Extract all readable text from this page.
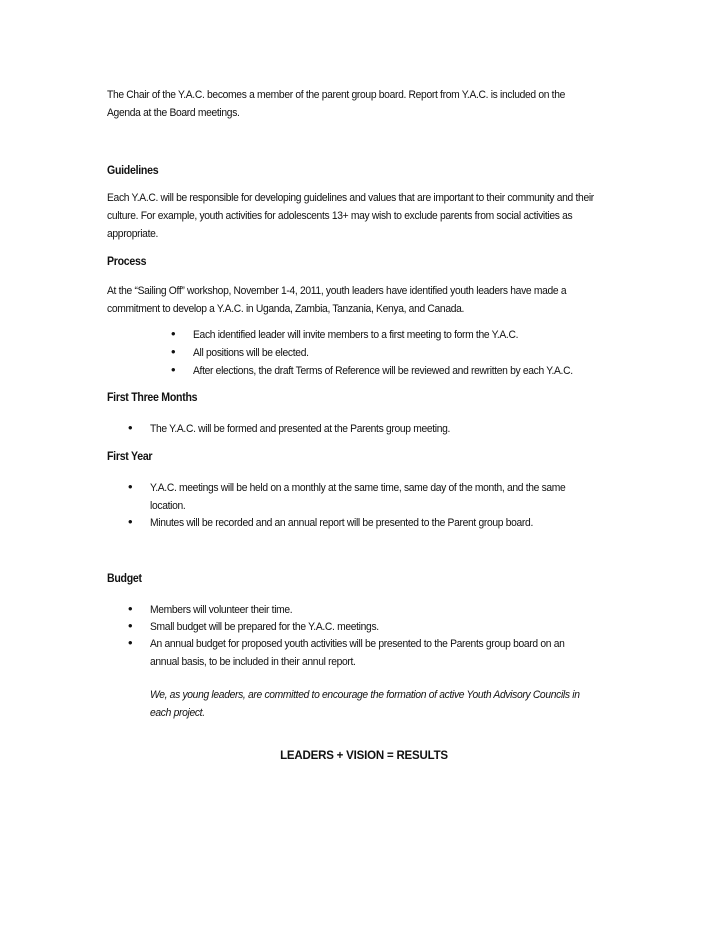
The Chair of the Y.A.C. becomes a member of the parent group board. Report from Y.A.C. is included on the Agenda at the Board meetings.
Guidelines
Each Y.A.C. will be responsible for developing guidelines and values that are important to their community and their culture. For example, youth activities for adolescents 13+ may wish to exclude parents from social activities as appropriate.
Process
At the “Sailing Off” workshop, November 1-4, 2011, youth leaders have identified youth leaders have made a commitment to develop a Y.A.C. in Uganda, Zambia, Tanzania, Kenya, and Canada.
• Each identified leader will invite members to a first meeting to form the Y.A.C.
• All positions will be elected.
• After elections, the draft Terms of Reference will be reviewed and rewritten by each Y.A.C.
First Three Months
• The Y.A.C. will be formed and presented at the Parents group meeting.
First Year
• Y.A.C. meetings will be held on a monthly at the same time, same day of the month, and the same location.
• Minutes will be recorded and an annual report will be presented to the Parent group board.
Budget
• Members will volunteer their time.
• Small budget will be prepared for the Y.A.C. meetings.
• An annual budget for proposed youth activities will be presented to the Parents group board on an annual basis, to be included in their annul report.
We, as young leaders, are committed to encourage the formation of active Youth Advisory Councils in each project.
LEADERS + VISION = RESULTS
